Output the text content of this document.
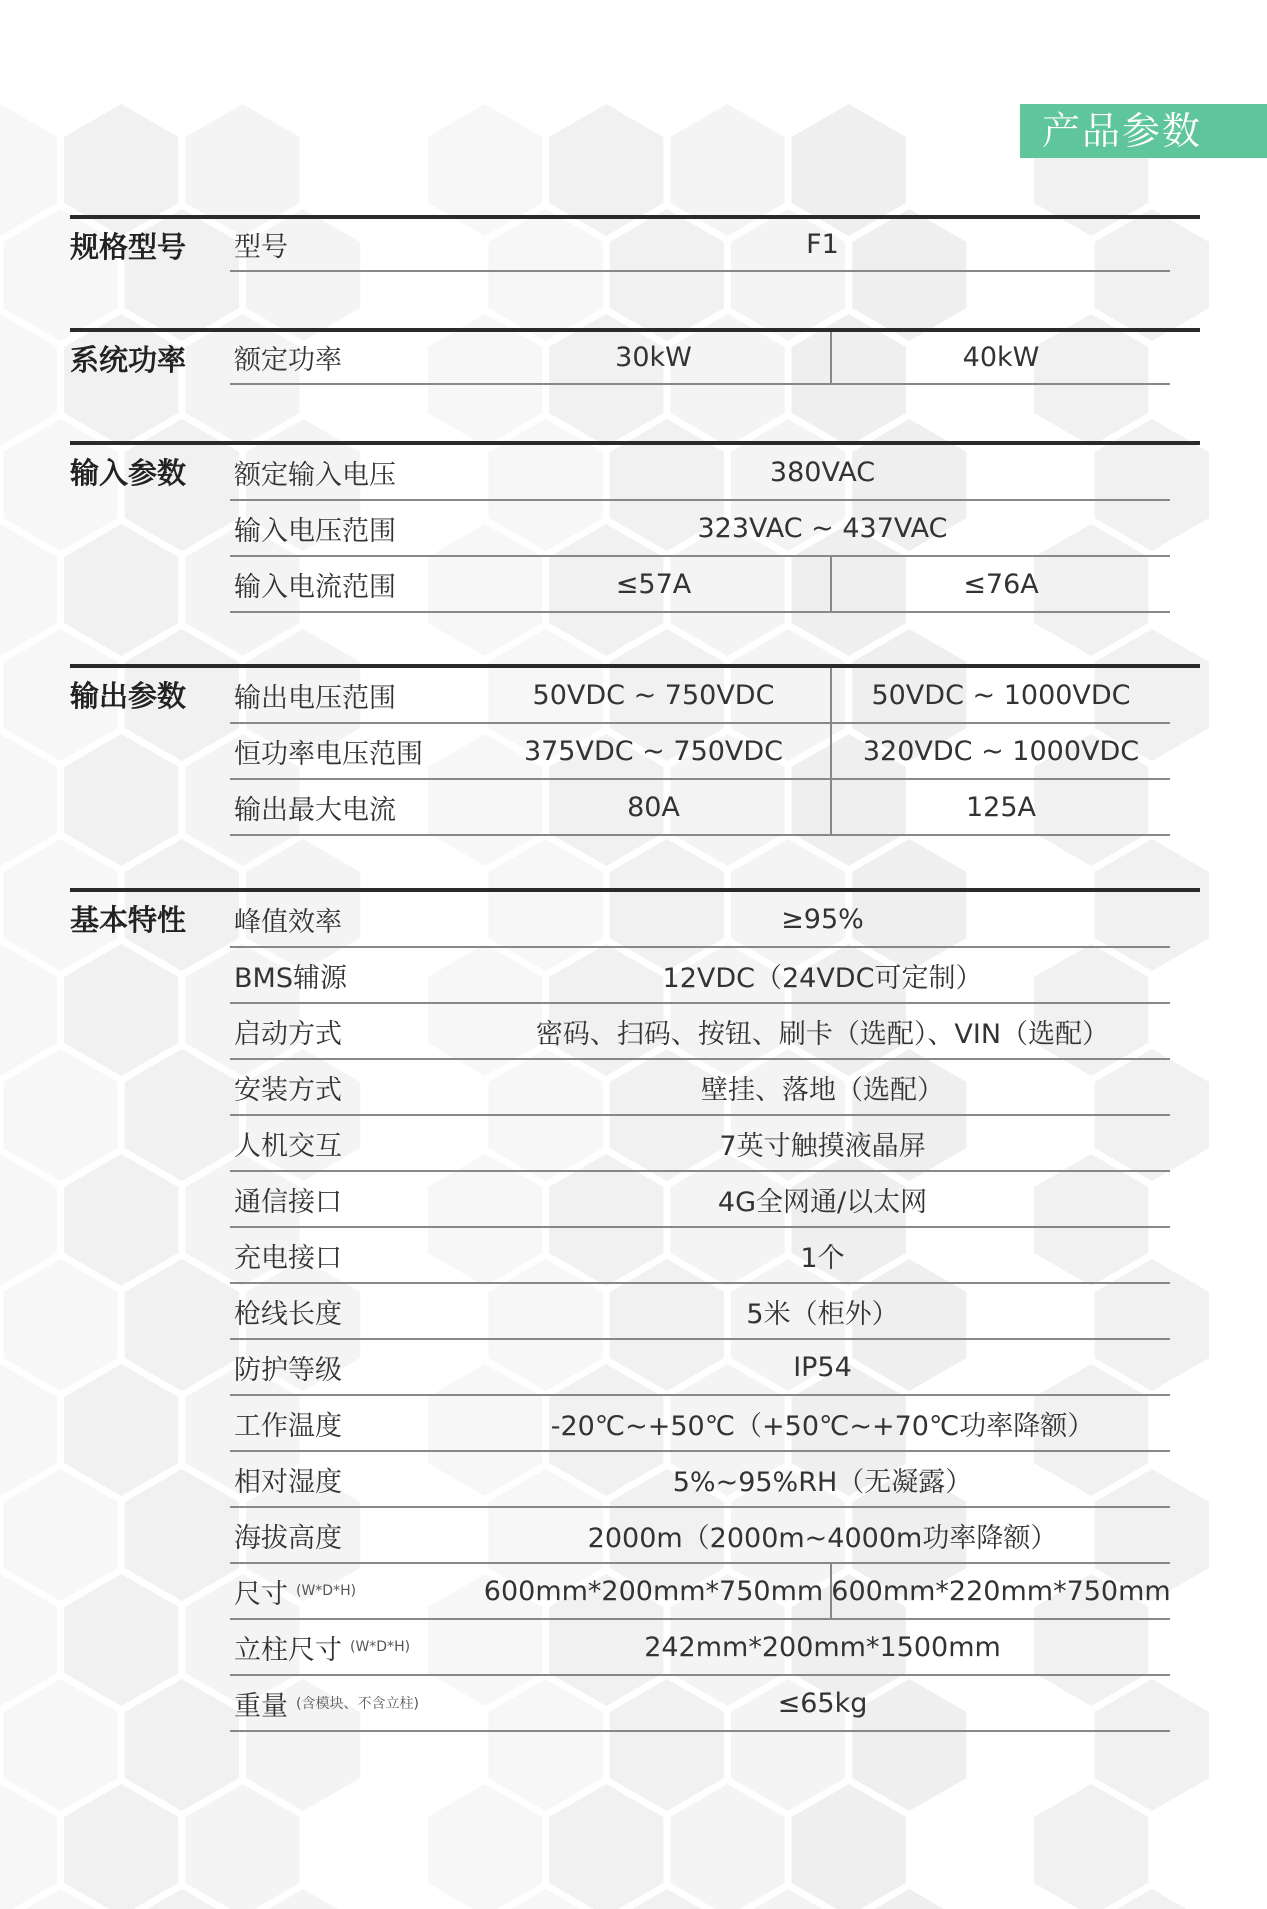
产品参数
规格型号	型号	F1
系统功率	额定功率	30kW	40kW
输入参数	额定输入电压	380VAC
输入电压范围	323VAC ~ 437VAC
输入电流范围	≤57A	≤76A
输出参数	输出电压范围	50VDC ~ 750VDC	50VDC ~ 1000VDC
恒功率电压范围	375VDC ~ 750VDC	320VDC ~ 1000VDC
输出最大电流	80A	125A
基本特性	峰值效率	≥95%
BMS辅源	12VDC（24VDC可定制）
启动方式	密码、扫码、按钮、刷卡（选配）、VIN（选配）
安装方式	壁挂、落地（选配）
人机交互	7英寸触摸液晶屏
通信接口	4G全网通/以太网
充电接口	1个
枪线长度	5米（柜外）
防护等级	IP54
工作温度	-20℃~+50℃（+50℃~+70℃功率降额）
相对湿度	5%~95%RH（无凝露）
海拔高度	2000m（2000m~4000m功率降额）
尺寸 (W*D*H)	600mm*200mm*750mm 600mm*220mm*750mm
立柱尺寸 (W*D*H)	242mm*200mm*1500mm
重量 (含模块、不含立柱)	≤65kg
